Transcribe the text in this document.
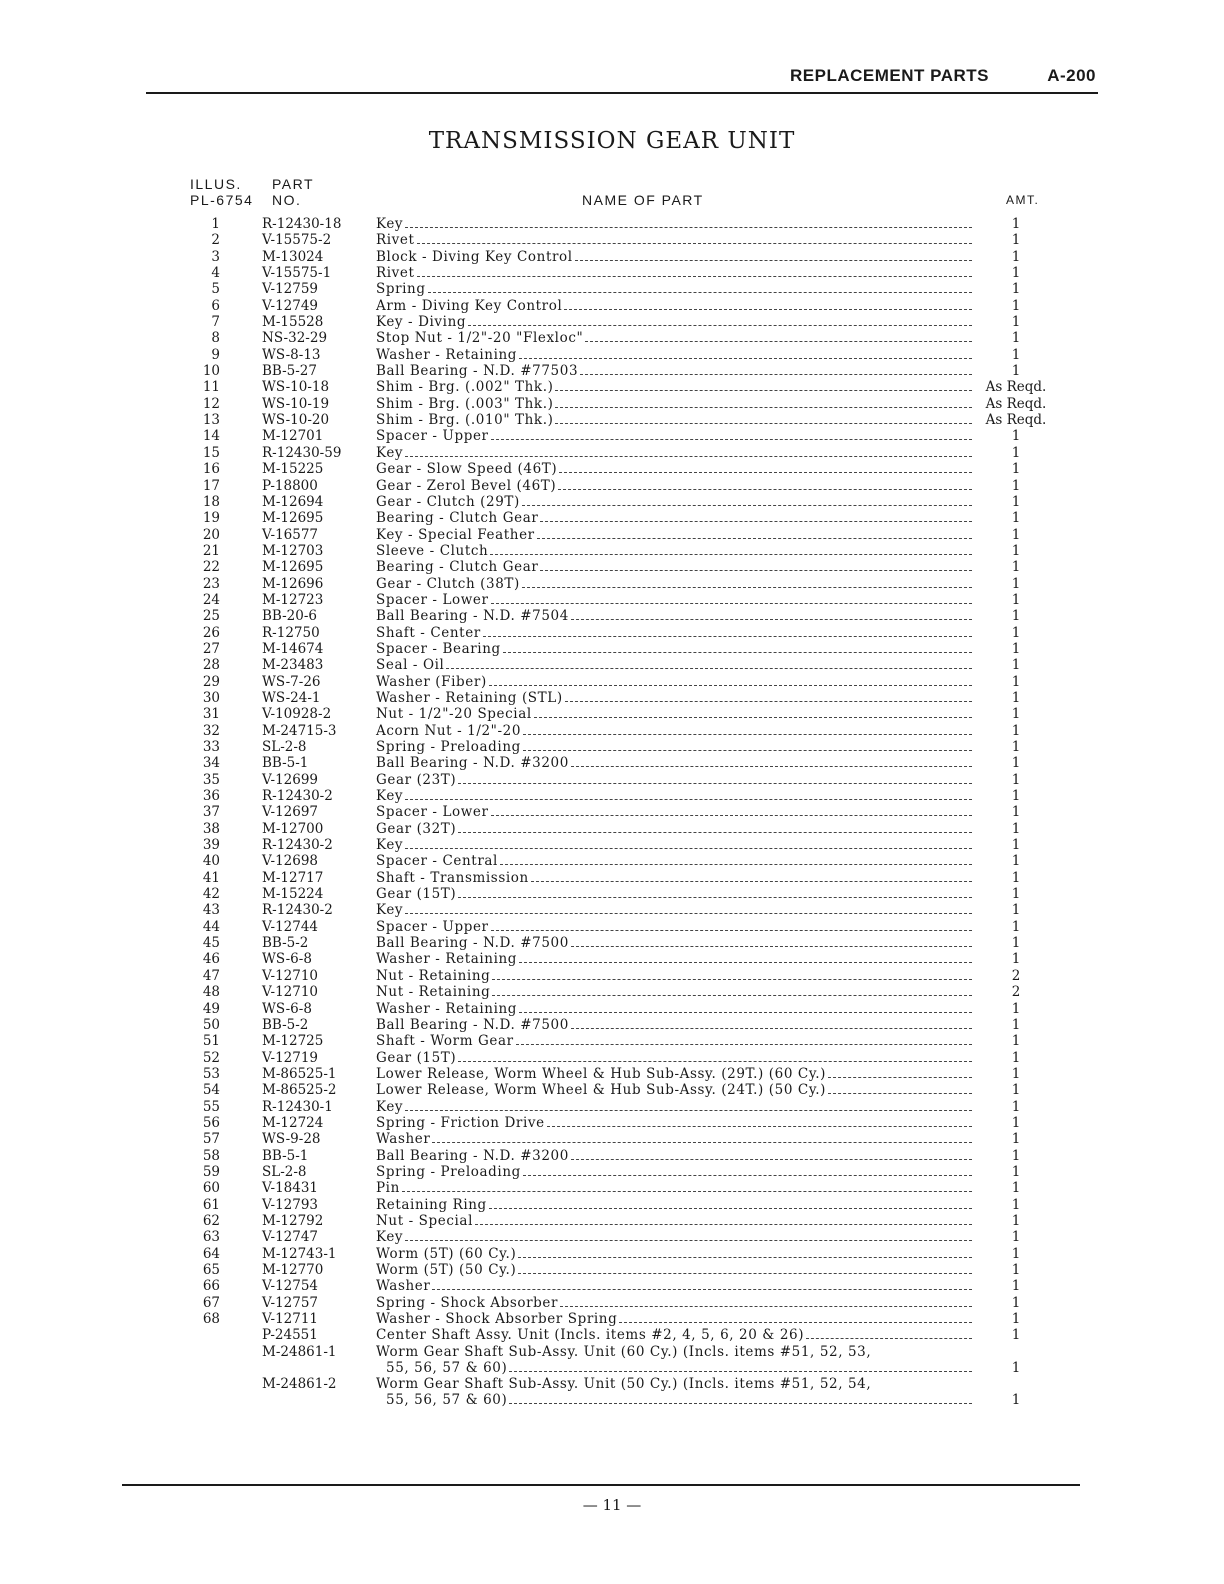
REPLACEMENT PARTS	A-200
TRANSMISSION GEAR UNIT
ILLUS.
PL-6754
PART
NO.	NAME OF PART	AMT.
1	R-12430-18	Key	1
2	V-15575-2	Rivet	1
3	M-13024	Block - Diving Key Control	1
4	V-15575-1	Rivet	1
5	V-12759	Spring	1
6	V-12749	Arm - Diving Key Control	1
7	M-15528	Key - Diving	1
8	NS-32-29	Stop Nut - 1/2"-20 "Flexloc"	1
9	WS-8-13	Washer - Retaining	1
10	BB-5-27	Ball Bearing - N.D. #77503	1
11	WS-10-18	Shim - Brg. (.002" Thk.)	As Reqd.
12	WS-10-19	Shim - Brg. (.003" Thk.)	As Reqd.
13	WS-10-20	Shim - Brg. (.010" Thk.)	As Reqd.
14	M-12701	Spacer - Upper	1
15	R-12430-59	Key	1
16	M-15225	Gear - Slow Speed (46T)	1
17	P-18800	Gear - Zerol Bevel (46T)	1
18	M-12694	Gear - Clutch (29T)	1
19	M-12695	Bearing - Clutch Gear	1
20	V-16577	Key - Special Feather	1
21	M-12703	Sleeve - Clutch	1
22	M-12695	Bearing - Clutch Gear	1
23	M-12696	Gear - Clutch (38T)	1
24	M-12723	Spacer - Lower	1
25	BB-20-6	Ball Bearing - N.D. #7504	1
26	R-12750	Shaft - Center	1
27	M-14674	Spacer - Bearing	1
28	M-23483	Seal - Oil	1
29	WS-7-26	Washer (Fiber)	1
30	WS-24-1	Washer - Retaining (STL)	1
31	V-10928-2	Nut - 1/2"-20 Special	1
32	M-24715-3	Acorn Nut - 1/2"-20	1
33	SL-2-8	Spring - Preloading	1
34	BB-5-1	Ball Bearing - N.D. #3200	1
35	V-12699	Gear (23T)	1
36	R-12430-2	Key	1
37	V-12697	Spacer - Lower	1
38	M-12700	Gear (32T)	1
39	R-12430-2	Key	1
40	V-12698	Spacer - Central	1
41	M-12717	Shaft - Transmission	1
42	M-15224	Gear (15T)	1
43	R-12430-2	Key	1
44	V-12744	Spacer - Upper	1
45	BB-5-2	Ball Bearing - N.D. #7500	1
46	WS-6-8	Washer - Retaining	1
47	V-12710	Nut - Retaining	2
48	V-12710	Nut - Retaining	2
49	WS-6-8	Washer - Retaining	1
50	BB-5-2	Ball Bearing - N.D. #7500	1
51	M-12725	Shaft - Worm Gear	1
52	V-12719	Gear (15T)	1
53	M-86525-1	Lower Release, Worm Wheel & Hub Sub-Assy. (29T.) (60 Cy.)	1
54	M-86525-2	Lower Release, Worm Wheel & Hub Sub-Assy. (24T.) (50 Cy.)	1
55	R-12430-1	Key	1
56	M-12724	Spring - Friction Drive	1
57	WS-9-28	Washer	1
58	BB-5-1	Ball Bearing - N.D. #3200	1
59	SL-2-8	Spring - Preloading	1
60	V-18431	Pin	1
61	V-12793	Retaining Ring	1
62	M-12792	Nut - Special	1
63	V-12747	Key	1
64	M-12743-1	Worm (5T) (60 Cy.)	1
65	M-12770	Worm (5T) (50 Cy.)	1
66	V-12754	Washer	1
67	V-12757	Spring - Shock Absorber	1
68	V-12711	Washer - Shock Absorber Spring	1
P-24551	Center Shaft Assy. Unit (Incls. items #2, 4, 5, 6, 20 & 26)	1
M-24861-1	Worm Gear Shaft Sub-Assy. Unit (60 Cy.) (Incls. items #51, 52, 53,
55, 56, 57 & 60)	1
M-24861-2	Worm Gear Shaft Sub-Assy. Unit (50 Cy.) (Incls. items #51, 52, 54,
55, 56, 57 & 60)	1
— 11 —
